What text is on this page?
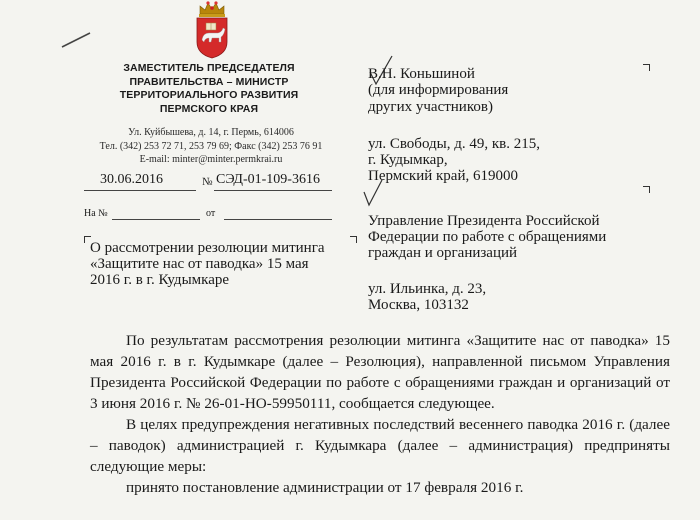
ЗАМЕСТИТЕЛЬ ПРЕДСЕДАТЕЛЯ
ПРАВИТЕЛЬСТВА – МИНИСТР
ТЕРРИТОРИАЛЬНОГО РАЗВИТИЯ
ПЕРМСКОГО КРАЯ
Ул. Куйбышева, д. 14, г. Пермь, 614006
Тел. (342) 253 72 71, 253 79 69; Факс (342) 253 76 91
E-mail: minter@minter.permkrai.ru
30.06.2016	№ СЭД-01-109-3616
На №	от
О рассмотрении резолюции митинга
«Защитите нас от паводка» 15 мая
2016 г. в г. Кудымкаре

В.Н. Коньшиной

(для информирования

других участников)

ул. Свободы, д. 49, кв. 215,

г. Кудымкар,

Пермский край, 619000

Управление Президента Российской

Федерации по работе с обращениями

граждан и организаций

ул. Ильинка, д. 23,

Москва, 103132

По результатам рассмотрения резолюции митинга «Защитите нас от паводка» 15 мая 2016 г. в г. Кудымкаре (далее – Резолюция), направленной письмом Управления Президента Российской Федерации по работе с обращениями граждан и организаций от 3 июня 2016 г. № 26-01-НО-59950111, сообщается следующее.

В целях предупреждения негативных последствий весеннего паводка 2016 г. (далее – паводок) администрацией г. Кудымкара (далее – администрация) предприняты следующие меры:

принято постановление администрации от 17 февраля 2016 г.
